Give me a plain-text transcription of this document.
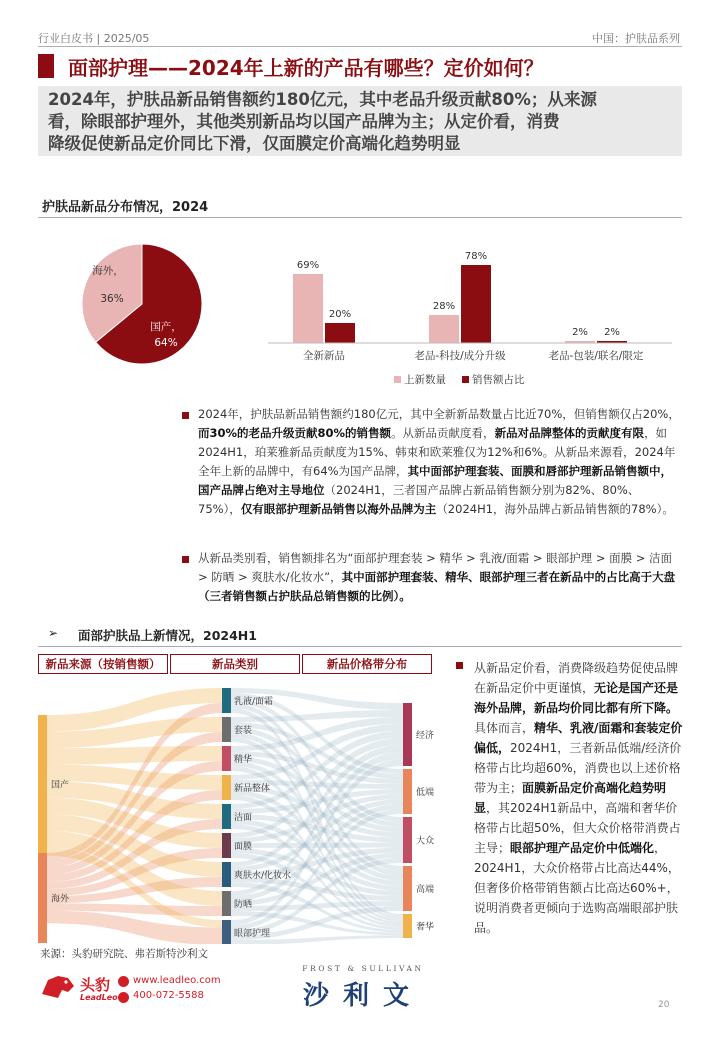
行业白皮书 | 2025/05	中国：护肤品系列
面部护理——2024年上新的产品有哪些？定价如何？
2024年，护肤品新品销售额约180亿元，其中老品升级贡献80%；从来源
看，除眼部护理外，其他类别新品均以国产品牌为主；从定价看，消费
降级促使新品定价同比下滑，仅面膜定价高端化趋势明显
护肤品新品分布情况，2024
海外，
36%
国产，
64%
69%
28%
2%
20%
78%
2%
全新新品	老品-科技/成分升级	老品-包装/联名/限定
上新数量 销售额占比
2024年，护肤品新品销售额约180亿元，其中全新新品数量占比近70%，但销售额仅占20%，而30%的老品升级贡献80%的销售额。从新品贡献度看，新品对品牌整体的贡献度有限，如2024H1，珀莱雅新品贡献度为15%、韩束和欧莱雅仅为12%和6%。从新品来源看，2024年全年上新的品牌中，有64%为国产品牌，其中面部护理套装、面膜和唇部护理新品销售额中，国产品牌占绝对主导地位（2024H1，三者国产品牌占新品销售额分别为82%、80%、75%），仅有眼部护理新品销售以海外品牌为主（2024H1，海外品牌占新品销售额的78%）。
从新品类别看，销售额排名为“面部护理套装 > 精华 > 乳液/面霜 > 眼部护理 > 面膜 > 洁面 > 防晒 > 爽肤水/化妆水”，其中面部护理套装、精华、眼部护理三者在新品中的占比高于大盘（三者销售额占护肤品总销售额的比例）。
➢ 面部护肤品上新情况，2024H1
新品来源（按销售额）	新品类别	新品价格带分布
国产
海外
乳液/面霜
套装
精华
新品整体
洁面
面膜
爽肤水/化妆水
防晒
眼部护理
经济
低端
大众
高端
奢华
从新品定价看，消费降级趋势促使品牌在新品定价中更谨慎，无论是国产还是海外品牌，新品均价同比都有所下降。具体而言，精华、乳液/面霜和套装定价偏低，2024H1，三者新品低端/经济价格带占比均超60%，消费也以上述价格带为主；面膜新品定价高端化趋势明显，其2024H1新品中，高端和奢华价格带占比超50%，但大众价格带消费占主导；眼部护理产品定价中低端化，2024H1，大众价格带占比高达44%，但奢侈价格带销售额占比高达60%+，说明消费者更倾向于选购高端眼部护肤品。
来源：头豹研究院、弗若斯特沙利文
头豹
LeadLeo
www.leadleo.com
400-072-5588
FROST & SULLIVAN
沙利文	20
